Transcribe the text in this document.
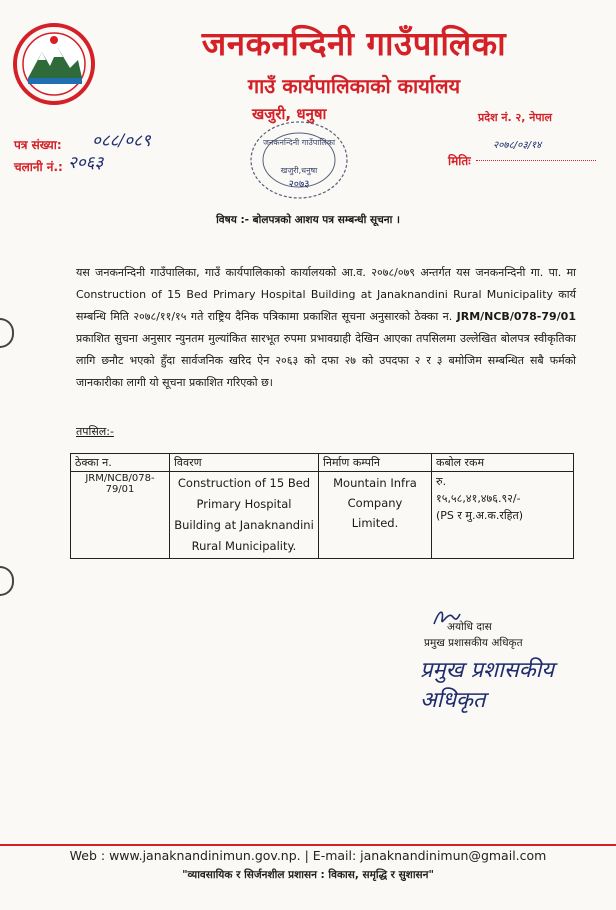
जनकनन्दिनी गाउँपालिका
गाउँ कार्यपालिकाको कार्यालय
खजुरी, धनुषा	प्रदेश नं. २, नेपाल
पत्र संख्या: ०८८/०८९
चलानी नं.: २०६३
२०७८/०३/१४
मितिः
जनकनन्दिनी गाउँपालिका
खजुरी,धनुषा
२०७३
विषय :- बोलपत्रको आशय पत्र सम्बन्धी सूचना ।
यस जनकनन्दिनी गाउँपालिका, गाउँ कार्यपालिकाको कार्यालयको आ.व. २०७८/०७९ अन्तर्गत यस जनकनन्दिनी गा. पा. मा Construction of 15 Bed Primary Hospital Building at Janaknandini Rural Municipality कार्य सम्बन्धि मिति २०७८/११/१५ गते राष्ट्रिय दैनिक पत्रिकामा प्रकाशित सूचना अनुसारको ठेक्का न. JRM/NCB/078-79/01 प्रकाशित सुचना अनुसार न्युनतम मुल्यांकित सारभूत रुपमा प्रभावग्राही देखिन आएका तपसिलमा उल्लेखित बोलपत्र स्वीकृतिका लागि छनौट भएको हुँदा सार्वजनिक खरिद ऐन २०६३ को दफा २७ को उपदफा २ र ३ बमोजिम सम्बन्धित सबै फर्मको जानकारीका लागी यो सूचना प्रकाशित गरिएको छ।
तपसिल:-
ठेक्का न.	विवरण	निर्माण कम्पनि	कबोल रकम
JRM/NCB/078-79/01	Construction of 15 Bed Primary Hospital Building at Janaknandini Rural Municipality.	Mountain Infra Company Limited.	रु.
१५,५८,४१,४७६.९२/-
(PS र मु.अ.क.रहित)
अयोधि दास
प्रमुख प्रशासकीय अधिकृत
प्रमुख प्रशासकीय अधिकृत
Web : www.janaknandinimun.gov.np. | E-mail: janaknandinimun@gmail.com
"व्यावसायिक र सिर्जनशील प्रशासन : विकास, समृद्धि र सुशासन"
